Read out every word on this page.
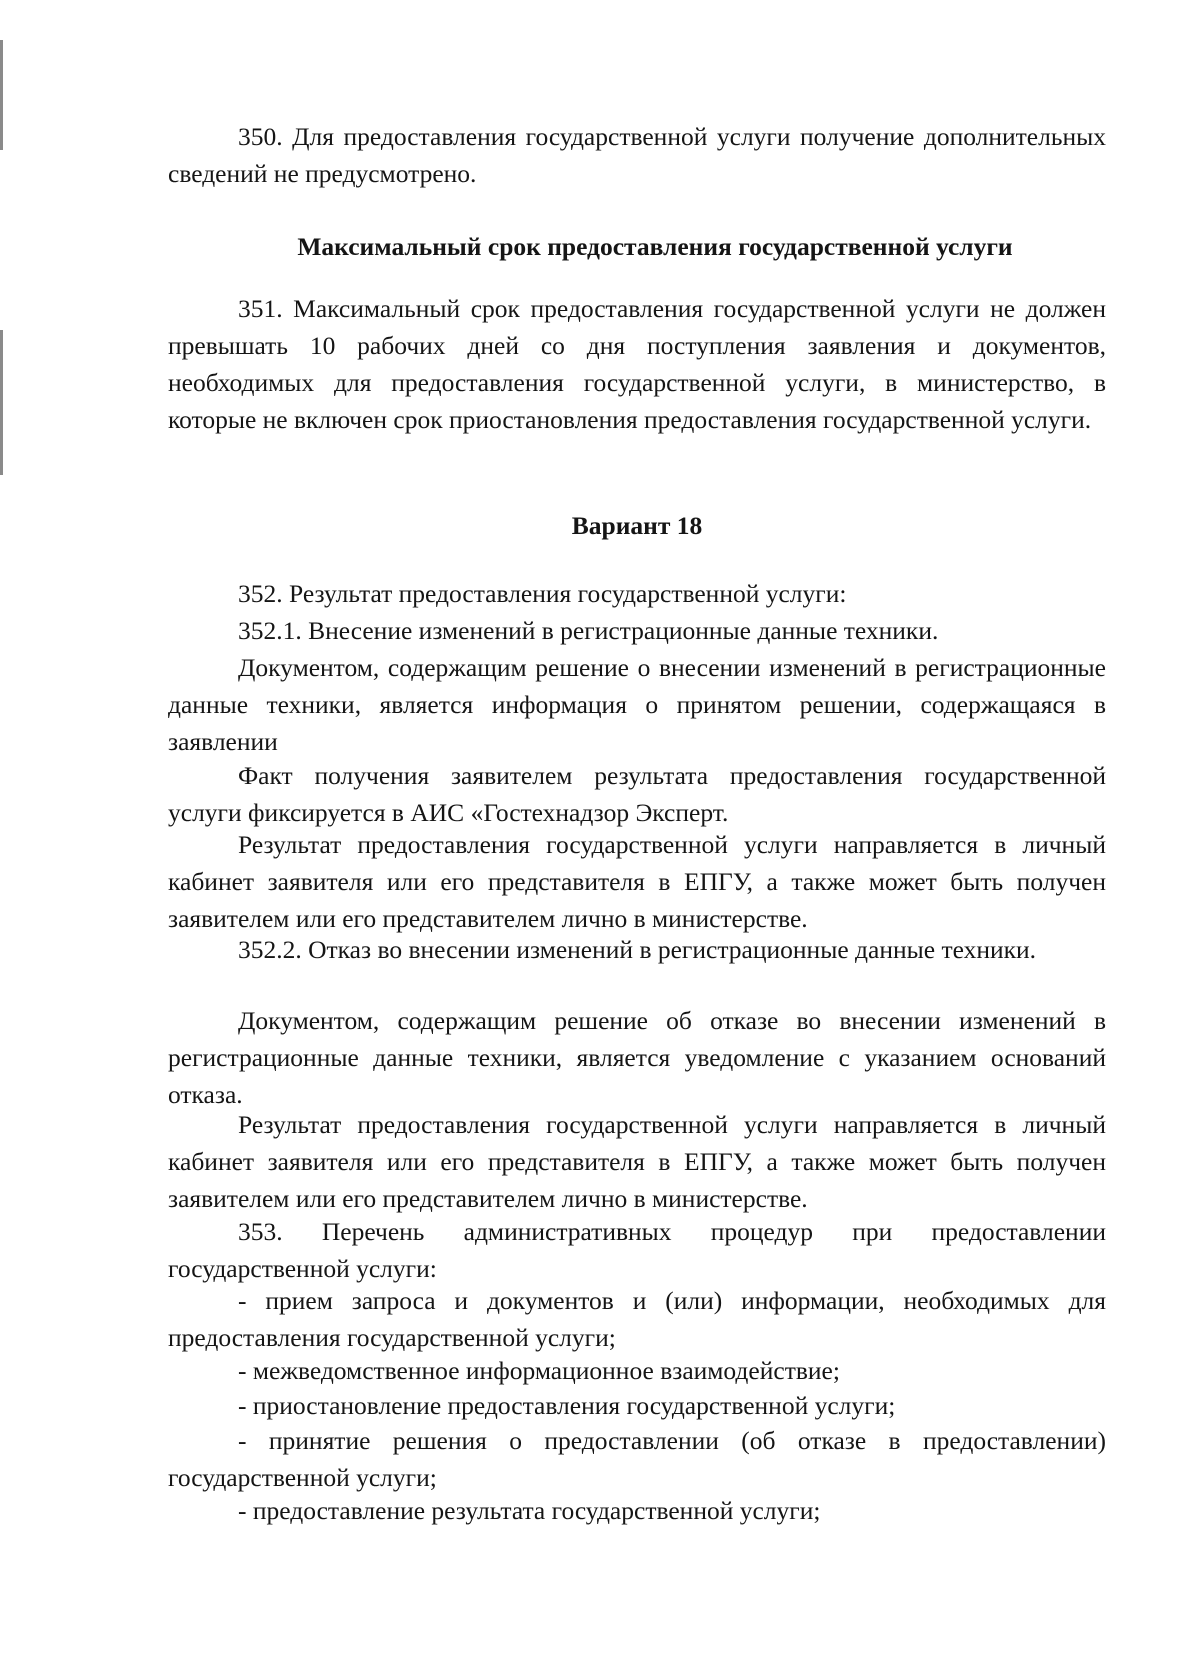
350. Для предоставления государственной услуги получение дополнительных сведений не предусмотрено.

Максимальный срок предоставления государственной услуги

351. Максимальный срок предоставления государственной услуги не должен превышать 10 рабочих дней со дня поступления заявления и документов, необходимых для предоставления государственной услуги, в министерство, в которые не включен срок приостановления предоставления государственной услуги.

Вариант 18

352. Результат предоставления государственной услуги:

352.1. Внесение изменений в регистрационные данные техники.

Документом, содержащим решение о внесении изменений в регистрационные данные техники, является информация о принятом решении, содержащаяся в заявлении

Факт получения заявителем результата предоставления государственной услуги фиксируется в АИС «Гостехнадзор Эксперт.

Результат предоставления государственной услуги направляется в личный кабинет заявителя или его представителя в ЕПГУ, а также может быть получен заявителем или его представителем лично в министерстве.

352.2. Отказ во внесении изменений в регистрационные данные техники.

Документом, содержащим решение об отказе во внесении изменений в регистрационные данные техники, является уведомление с указанием оснований отказа.

Результат предоставления государственной услуги направляется в личный кабинет заявителя или его представителя в ЕПГУ, а также может быть получен заявителем или его представителем лично в министерстве.

353. Перечень административных процедур при предоставлении государственной услуги:

- прием запроса и документов и (или) информации, необходимых для предоставления государственной услуги;

- межведомственное информационное взаимодействие;

- приостановление предоставления государственной услуги;

- принятие решения о предоставлении (об отказе в предоставлении) государственной услуги;

- предоставление результата государственной услуги;
